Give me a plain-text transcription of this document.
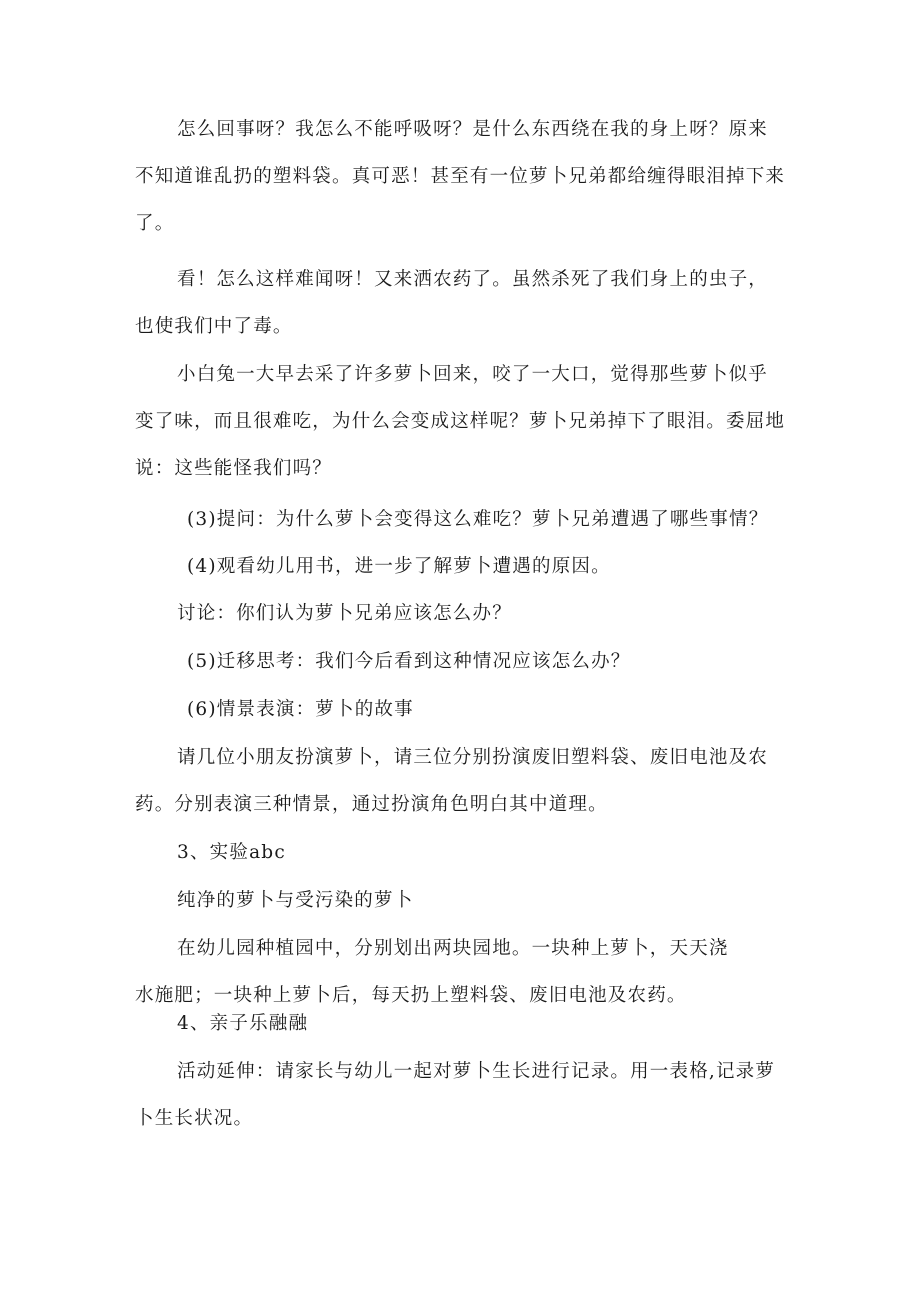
怎么回事呀？我怎么不能呼吸呀？是什么东西绕在我的身上呀？原来
不知道谁乱扔的塑料袋。真可恶！甚至有一位萝卜兄弟都给缠得眼泪掉下来
了。
看！怎么这样难闻呀！又来洒农药了。虽然杀死了我们身上的虫子，
也使我们中了毒。
小白兔一大早去采了许多萝卜回来，咬了一大口，觉得那些萝卜似乎
变了味，而且很难吃，为什么会变成这样呢？萝卜兄弟掉下了眼泪。委屈地
说：这些能怪我们吗？
(3)提问：为什么萝卜会变得这么难吃？萝卜兄弟遭遇了哪些事情？
(4)观看幼儿用书，进一步了解萝卜遭遇的原因。
讨论：你们认为萝卜兄弟应该怎么办？
(5)迁移思考：我们今后看到这种情况应该怎么办？
(6)情景表演：萝卜的故事
请几位小朋友扮演萝卜，请三位分别扮演废旧塑料袋、废旧电池及农
药。分别表演三种情景，通过扮演角色明白其中道理。
3、实验abc
纯净的萝卜与受污染的萝卜
在幼儿园种植园中，分别划出两块园地。一块种上萝卜，天天浇
水施肥；一块种上萝卜后，每天扔上塑料袋、废旧电池及农药。
4、亲子乐融融
活动延伸：请家长与幼儿一起对萝卜生长进行记录。用一表格,记录萝
卜生长状况。
